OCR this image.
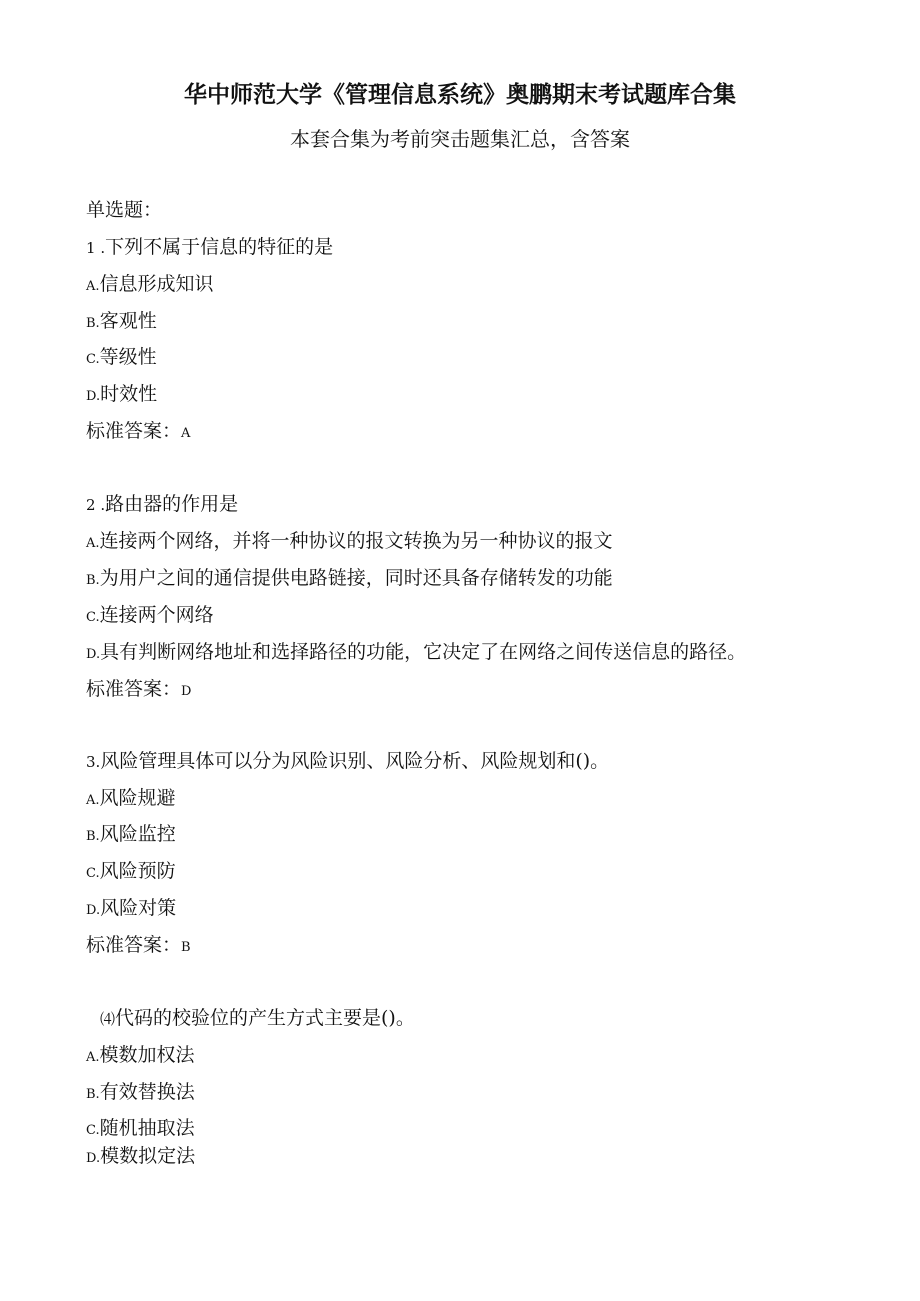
华中师范大学《管理信息系统》奥鹏期末考试题库合集
本套合集为考前突击题集汇总，含答案
单选题：
1 .下列不属于信息的特征的是
A.信息形成知识
B.客观性
C.等级性
D.时效性
标准答案：A
2 .路由器的作用是
A.连接两个网络，并将一种协议的报文转换为另一种协议的报文
B.为用户之间的通信提供电路链接，同时还具备存储转发的功能
C.连接两个网络
D.具有判断网络地址和选择路径的功能，它决定了在网络之间传送信息的路径。
标准答案：D
3.风险管理具体可以分为风险识别、风险分析、风险规划和()。
A.风险规避
B.风险监控
C.风险预防
D.风险对策
标准答案：B
⑷代码的校验位的产生方式主要是()。
A.模数加权法
B.有效替换法
C.随机抽取法
D.模数拟定法
